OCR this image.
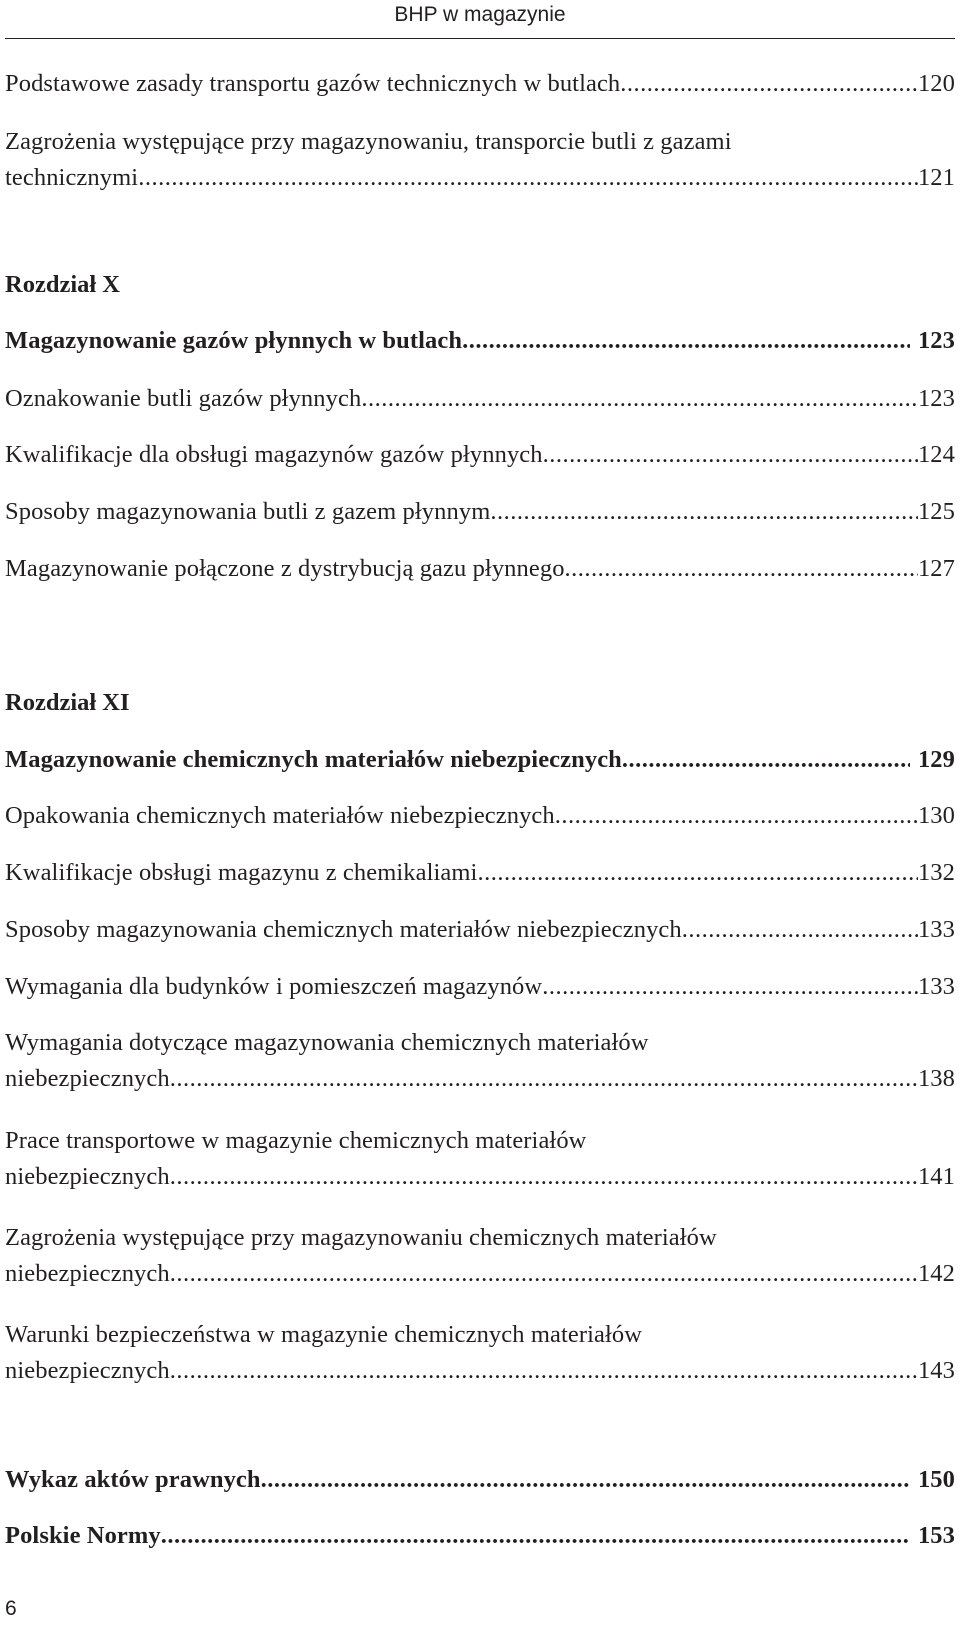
BHP w magazynie
Podstawowe zasady transportu gazów technicznych w butlach .....	120
Zagrożenia występujące przy magazynowaniu, transporcie butli z gazami
technicznymi .....	121
Rozdział X
Magazynowanie gazów płynnych w butlach .....	123
Oznakowanie butli gazów płynnych .....	123
Kwalifikacje dla obsługi magazynów gazów płynnych .....	124
Sposoby magazynowania butli z gazem płynnym .....	125
Magazynowanie połączone z dystrybucją gazu płynnego .....	127
Rozdział XI
Magazynowanie chemicznych materiałów niebezpiecznych .....	129
Opakowania chemicznych materiałów niebezpiecznych .....	130
Kwalifikacje obsługi magazynu z chemikaliami .....	132
Sposoby magazynowania chemicznych materiałów niebezpiecznych .....	133
Wymagania dla budynków i pomieszczeń magazynów .....	133
Wymagania dotyczące magazynowania chemicznych materiałów
niebezpiecznych .....	138
Prace transportowe w magazynie chemicznych materiałów
niebezpiecznych .....	141
Zagrożenia występujące przy magazynowaniu chemicznych materiałów
niebezpiecznych .....	142
Warunki bezpieczeństwa w magazynie chemicznych materiałów
niebezpiecznych .....	143
Wykaz aktów prawnych .....	150
Polskie Normy .....	153
6
